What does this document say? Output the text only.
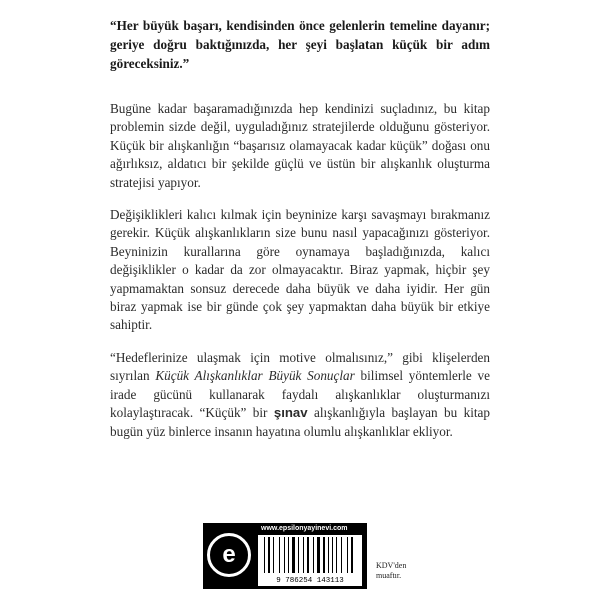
“Her büyük başarı, kendisinden önce gelenlerin temeline dayanır; geriye doğru baktığınızda, her şeyi başlatan küçük bir adım göreceksiniz.”

Bugüne kadar başaramadığınızda hep kendinizi suçladınız, bu kitap problemin sizde değil, uyguladığınız stratejilerde olduğunu gösteriyor. Küçük bir alışkanlığın “başarısız olamayacak kadar küçük” doğası onu ağırlıksız, aldatıcı bir şekilde güçlü ve üstün bir alışkanlık oluşturma stratejisi yapıyor.

Değişiklikleri kalıcı kılmak için beyninize karşı savaşmayı bırakmanız gerekir. Küçük alışkanlıkların size bunu nasıl yapacağınızı gösteriyor. Beyninizin kurallarına göre oynamaya başladığınızda, kalıcı değişiklikler o kadar da zor olmayacaktır. Biraz yapmak, hiçbir şey yapmamaktan sonsuz derecede daha büyük ve daha iyidir. Her gün biraz yapmak ise bir günde çok şey yapmaktan daha büyük bir etkiye sahiptir.

“Hedeflerinize ulaşmak için motive olmalısınız,” gibi klişelerden sıyrılan Küçük Alışkanlıklar Büyük Sonuçlar bilimsel yöntemlerle ve irade gücünü kullanarak faydalı alışkanlıklar oluşturmanızı kolaylaştıracak. “Küçük” bir şınav alışkanlığıyla başlayan bu kitap bugün yüz binlerce insanın hayatına olumlu alışkanlıklar ekliyor.

e
www.epsilonyayinevi.com
9 786254 143113
KDV'den
muaftır.
